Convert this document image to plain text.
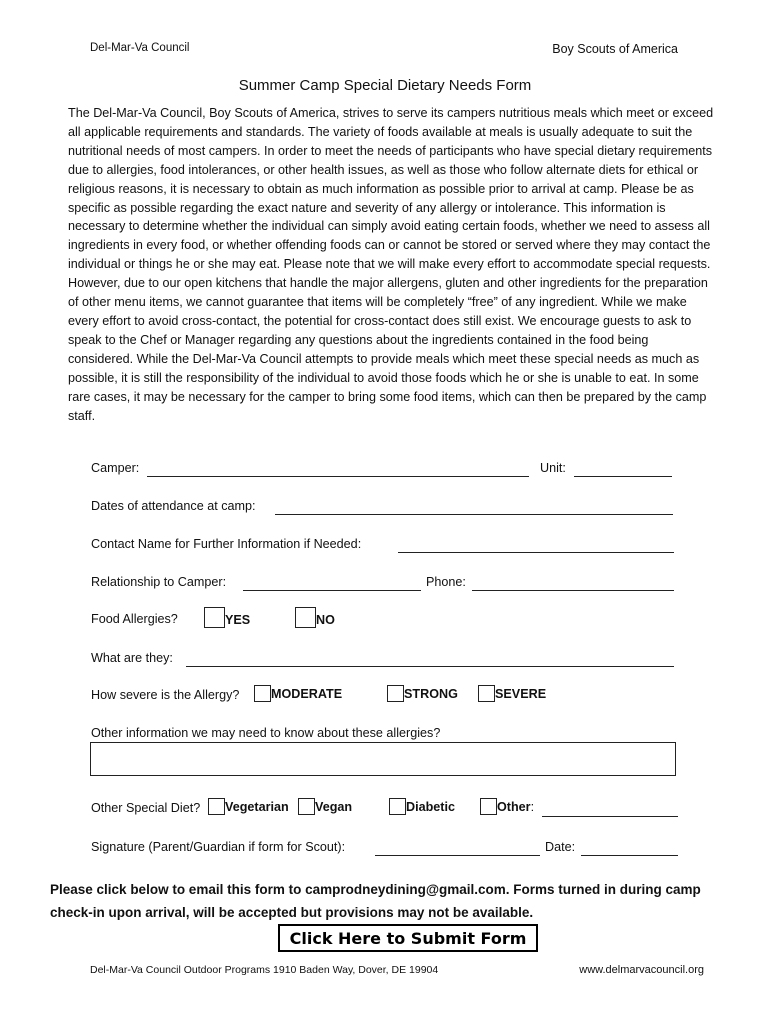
Del-Mar-Va Council	Boy Scouts of America
Summer Camp Special Dietary Needs Form

The Del-Mar-Va Council, Boy Scouts of America, strives to serve its campers nutritious meals which meet or exceed all applicable requirements and standards. The variety of foods available at meals is usually adequate to suit the nutritional needs of most campers. In order to meet the needs of participants who have special dietary requirements due to allergies, food intolerances, or other health issues, as well as those who follow alternate diets for ethical or religious reasons, it is necessary to obtain as much information as possible prior to arrival at camp. Please be as specific as possible regarding the exact nature and severity of any allergy or intolerance. This information is necessary to determine whether the individual can simply avoid eating certain foods, whether we need to assess all ingredients in every food, or whether offending foods can or cannot be stored or served where they may contact the individual or things he or she may eat. Please note that we will make every effort to accommodate special requests. However, due to our open kitchens that handle the major allergens, gluten and other ingredients for the preparation of other menu items, we cannot guarantee that items will be completely “free” of any ingredient. While we make every effort to avoid cross-contact, the potential for cross-contact does still exist. We encourage guests to ask to speak to the Chef or Manager regarding any questions about the ingredients contained in the food being considered. While the Del-Mar-Va Council attempts to provide meals which meet these special needs as much as possible, it is still the responsibility of the individual to avoid those foods which he or she is unable to eat. In some rare cases, it may be necessary for the camper to bring some food items, which can then be prepared by the camp staff.

Camper:	Unit:
Dates of attendance at camp:
Contact Name for Further Information if Needed:
Relationship to Camper:	Phone:
Food Allergies?	YES	NO
What are they:
How severe is the Allergy?	MODERATE	STRONG	SEVERE
Other information we may need to know about these allergies?
Other Special Diet?	Vegetarian	Vegan	Diabetic	Other:
Signature (Parent/Guardian if form for Scout):	Date:

Please click below to email this form to camprodneydining@gmail.com. Forms turned in during camp check-in upon arrival, will be accepted but provisions may not be available.

Click Here to Submit Form
Del-Mar-Va Council Outdoor Programs 1910 Baden Way, Dover, DE 19904	www.delmarvacouncil.org
